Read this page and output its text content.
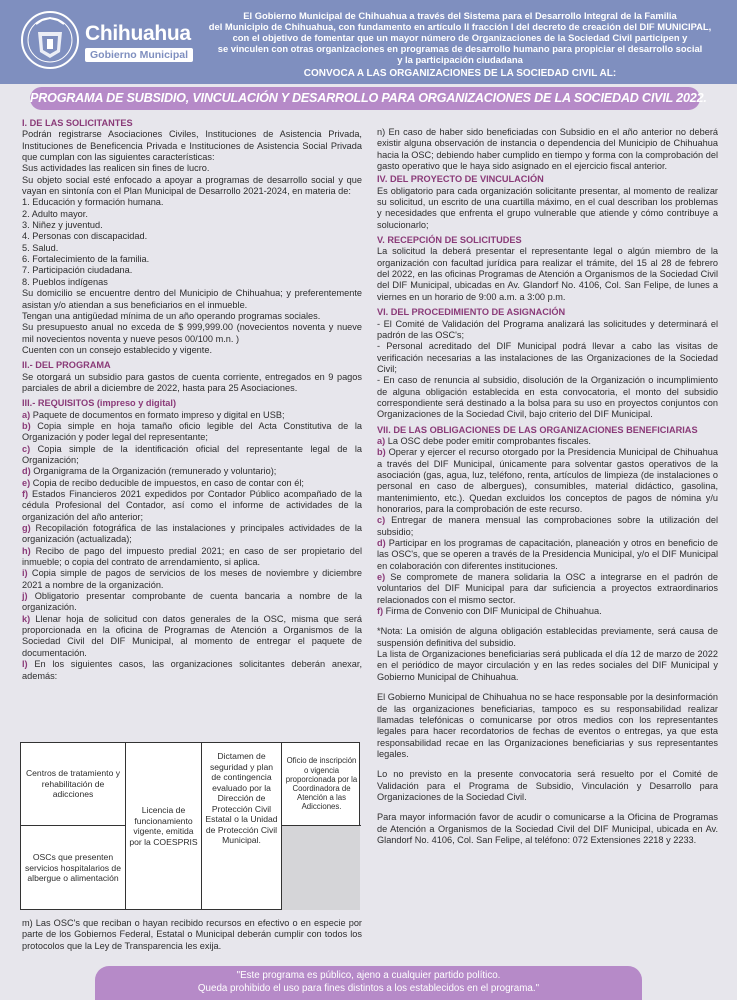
Chihuahua
Gobierno Municipal

El Gobierno Municipal de Chihuahua a través del Sistema para el Desarrollo Integral de la Familia

del Municipio de Chihuahua, con fundamento en artículo II fracción I del decreto de creación del DIF MUNICIPAL,

con el objetivo de fomentar que un mayor número de Organizaciones de la Sociedad Civil participen y

se vinculen con otras organizaciones en programas de desarrollo humano para propiciar el desarrollo social

y la participación ciudadana

CONVOCA A LAS ORGANIZACIONES DE LA SOCIEDAD CIVIL AL:
PROGRAMA DE SUBSIDIO, VINCULACIÓN Y DESARROLLO PARA ORGANIZACIONES DE LA SOCIEDAD CIVIL 2022.
I. DE LAS SOLICITANTES

Podrán registrarse Asociaciones Civiles, Instituciones de Asistencia Privada, Instituciones de Beneficencia Privada e Instituciones de Asistencia Social Privada que cumplan con las siguientes características:

Sus actividades las realicen sin fines de lucro.

Su objeto social esté enfocado a apoyar a programas de desarrollo social y que vayan en sintonía con el Plan Municipal de Desarrollo 2021-2024, en materia de:

1. Educación y formación humana.
2. Adulto mayor.
3. Niñez y juventud.
4. Personas con discapacidad.
5. Salud.
6. Fortalecimiento de la familia.
7. Participación ciudadana.
8. Pueblos indígenas

Su domicilio se encuentre dentro del Municipio de Chihuahua; y preferentemente asistan y/o atiendan a sus beneficiarios en el inmueble.

Tengan una antigüedad mínima de un año operando programas sociales.

Su presupuesto anual no exceda de $ 999,999.00 (novecientos noventa y nueve mil novecientos noventa y nueve pesos 00/100 m.n. )

Cuenten con un consejo establecido y vigente.

II.- DEL PROGRAMA

Se otorgará un subsidio para gastos de cuenta corriente, entregados en 9 pagos parciales de abril a diciembre de 2022, hasta para 25 Asociaciones.

III.- REQUISITOS (impreso y digital)

a) Paquete de documentos en formato impreso y digital en USB;

b) Copia simple en hoja tamaño oficio legible del Acta Constitutiva de la Organización y poder legal del representante;

c) Copia simple de la identificación oficial del representante legal de la Organización;

d) Organigrama de la Organización (remunerado y voluntario);

e) Copia de recibo deducible de impuestos, en caso de contar con él;

f) Estados Financieros 2021 expedidos por Contador Público acompañado de la cédula Profesional del Contador, así como el informe de actividades de la organización del año anterior;

g) Recopilación fotográfica de las instalaciones y principales actividades de la organización (actualizada);

h) Recibo de pago del impuesto predial 2021; en caso de ser propietario del inmueble; o copia del contrato de arrendamiento, si aplica.

i) Copia simple de pagos de servicios de los meses de noviembre y diciembre 2021 a nombre de la organización.

j) Obligatorio presentar comprobante de cuenta bancaria a nombre de la organización.

k) Llenar hoja de solicitud con datos generales de la OSC, misma que será proporcionada en la oficina de Programas de Atención a Organismos de la Sociedad Civil del DIF Municipal, al momento de entregar el paquete de documentación.

l) En los siguientes casos, las organizaciones solicitantes deberán anexar, además:

Centros de tratamiento y rehabilitación de adicciones
OSCs que presenten servicios hospitalarios de albergue o alimentación
Licencia de funcionamiento vigente, emitida por la COESPRIS
Dictamen de seguridad y plan de contingencia evaluado por la Dirección de Protección Civil Estatal o la Unidad de Protección Civil Municipal.
Oficio de inscripción o vigencia proporcionada por la Coordinadora de Atención a las Adicciones.
m) Las OSC's que reciban o hayan recibido recursos en efectivo o en especie por parte de los Gobiernos Federal, Estatal o Municipal deberán cumplir con todos los protocolos que la Ley de Transparencia les exija.

n) En caso de haber sido beneficiadas con Subsidio en el año anterior no deberá existir alguna observación de instancia o dependencia del Municipio de Chihuahua hacia la OSC; debiendo haber cumplido en tiempo y forma con la comprobación del gasto operativo que le haya sido asignado en el ejercicio fiscal anterior.

IV. DEL PROYECTO DE VINCULACIÓN

Es obligatorio para cada organización solicitante presentar, al momento de realizar su solicitud, un escrito de una cuartilla máximo, en el cual describan los problemas y necesidades que enfrenta el grupo vulnerable que atiende y cómo contribuye a solucionarlo;

V. RECEPCIÓN DE SOLICITUDES

La solicitud la deberá presentar el representante legal o algún miembro de la organización con facultad jurídica para realizar el trámite, del 15 al 28 de febrero del 2022, en las oficinas Programas de Atención a Organismos de la Sociedad Civil del DIF Municipal, ubicadas en Av. Glandorf No. 4106, Col. San Felipe, de lunes a viernes en un horario de 9:00 a.m. a 3:00 p.m.

VI. DEL PROCEDIMIENTO DE ASIGNACIÓN

- El Comité de Validación del Programa analizará las solicitudes y determinará el padrón de las OSC's;

- Personal acreditado del DIF Municipal podrá llevar a cabo las visitas de verificación necesarias a las instalaciones de las Organizaciones de la Sociedad Civil;

- En caso de renuncia al subsidio, disolución de la Organización o incumplimiento de alguna obligación establecida en esta convocatoria, el monto del subsidio correspondiente será destinado a la bolsa para su uso en proyectos conjuntos con Organizaciones de la Sociedad Civil, bajo criterio del DIF Municipal.

VII. DE LAS OBLIGACIONES DE LAS ORGANIZACIONES BENEFICIARIAS

a) La OSC debe poder emitir comprobantes fiscales.

b) Operar y ejercer el recurso otorgado por la Presidencia Municipal de Chihuahua a través del DIF Municipal, únicamente para solventar gastos operativos de la asociación (gas, agua, luz, teléfono, renta, artículos de limpieza (de instalaciones o personal en caso de albergues), consumibles, material didáctico, gasolina, mantenimiento, etc.). Quedan excluidos los conceptos de pagos de nómina y/u honorarios, para la comprobación de este recurso.

c) Entregar de manera mensual las comprobaciones sobre la utilización del subsidio;

d) Participar en los programas de capacitación, planeación y otros en beneficio de las OSC's, que se operen a través de la Presidencia Municipal, y/o el DIF Municipal en colaboración con diferentes instituciones.

e) Se compromete de manera solidaria la OSC a integrarse en el padrón de voluntarios del DIF Municipal para dar suficiencia a proyectos extraordinarios relacionados con el mismo sector.

f) Firma de Convenio con DIF Municipal de Chihuahua.

*Nota: La omisión de alguna obligación establecidas previamente, será causa de suspensión definitiva del subsidio.

La lista de Organizaciones beneficiarias será publicada el día 12 de marzo de 2022 en el periódico de mayor circulación y en las redes sociales del DIF Municipal y Gobierno Municipal de Chihuahua.

El Gobierno Municipal de Chihuahua no se hace responsable por la desinformación de las organizaciones beneficiarias, tampoco es su responsabilidad realizar llamadas telefónicas o comunicarse por otros medios con los representantes legales para hacer recordatorios de fechas de eventos o entregas, ya que esta responsabilidad recae en las Organizaciones beneficiarias y sus representantes legales.

Lo no previsto en la presente convocatoria será resuelto por el Comité de Validación para el Programa de Subsidio, Vinculación y Desarrollo para Organizaciones de la Sociedad Civil.

Para mayor información favor de acudir o comunicarse a la Oficina de Programas de Atención a Organismos de la Sociedad Civil del DIF Municipal, ubicada en Av. Glandorf No. 4106, Col. San Felipe, al teléfono: 072 Extensiones 2218 y 2233.

"Este programa es público, ajeno a cualquier partido político.
Queda prohibido el uso para fines distintos a los establecidos en el programa."
